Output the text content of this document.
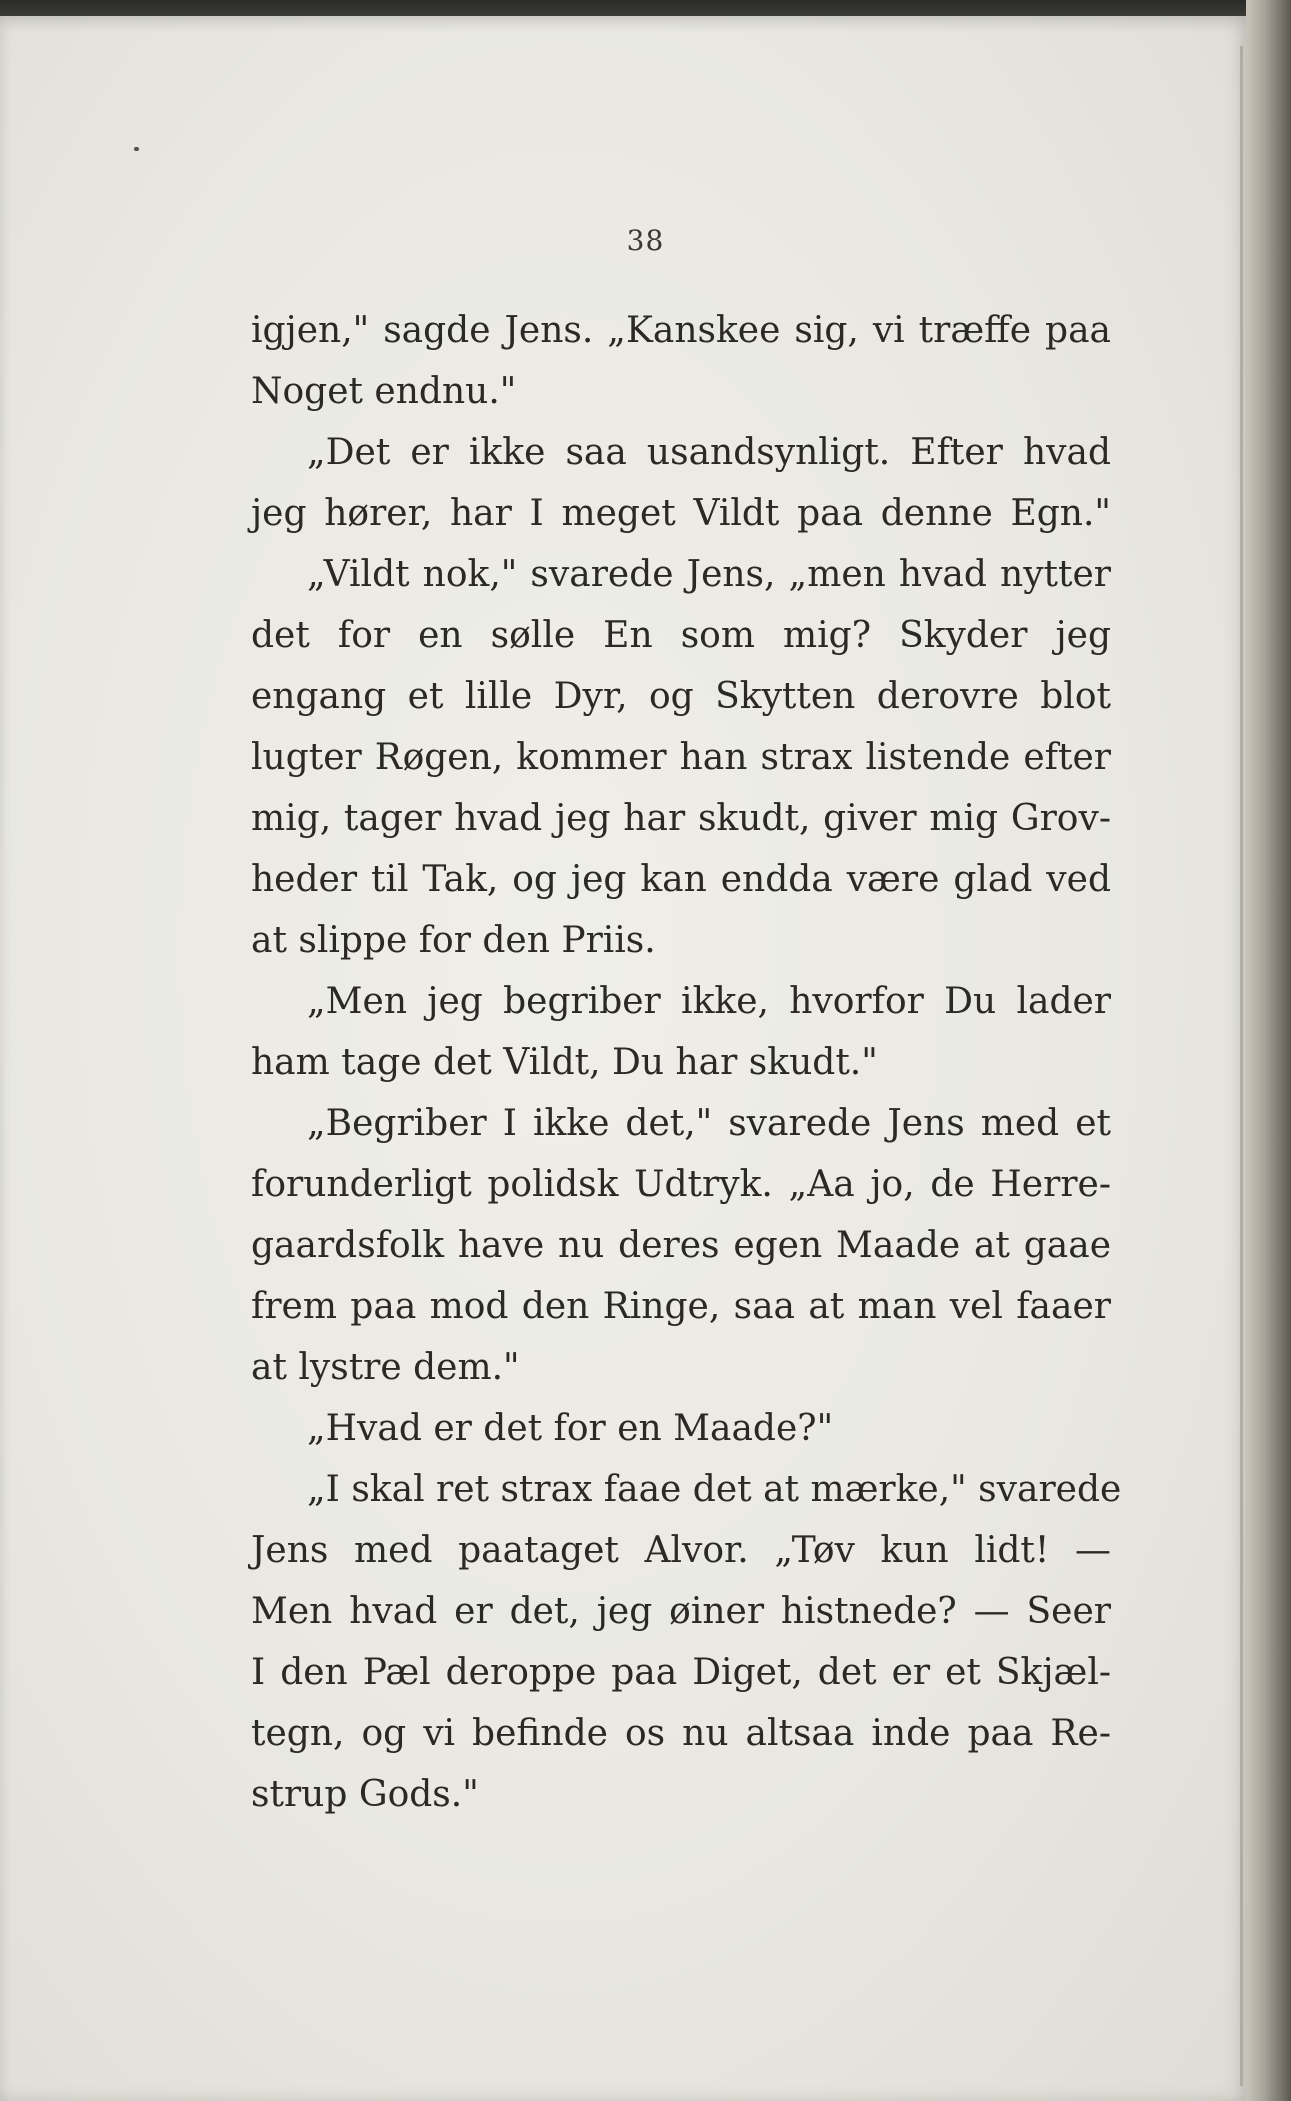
38
igjen," sagde Jens. „Kanskee sig, vi træffe paa
Noget endnu."
„Det er ikke saa usandsynligt. Efter hvad
jeg hører, har I meget Vildt paa denne Egn."
„Vildt nok," svarede Jens, „men hvad nytter
det for en sølle En som mig? Skyder jeg
engang et lille Dyr, og Skytten derovre blot
lugter Røgen, kommer han strax listende efter
mig, tager hvad jeg har skudt, giver mig Grov-
heder til Tak, og jeg kan endda være glad ved
at slippe for den Priis.
„Men jeg begriber ikke, hvorfor Du lader
ham tage det Vildt, Du har skudt."
„Begriber I ikke det," svarede Jens med et
forunderligt polidsk Udtryk. „Aa jo, de Herre-
gaardsfolk have nu deres egen Maade at gaae
frem paa mod den Ringe, saa at man vel faaer
at lystre dem."
„Hvad er det for en Maade?"
„I skal ret strax faae det at mærke," svarede
Jens med paataget Alvor. „Tøv kun lidt! —
Men hvad er det, jeg øiner histnede? — Seer
I den Pæl deroppe paa Diget, det er et Skjæl-
tegn, og vi befinde os nu altsaa inde paa Re-
strup Gods."
